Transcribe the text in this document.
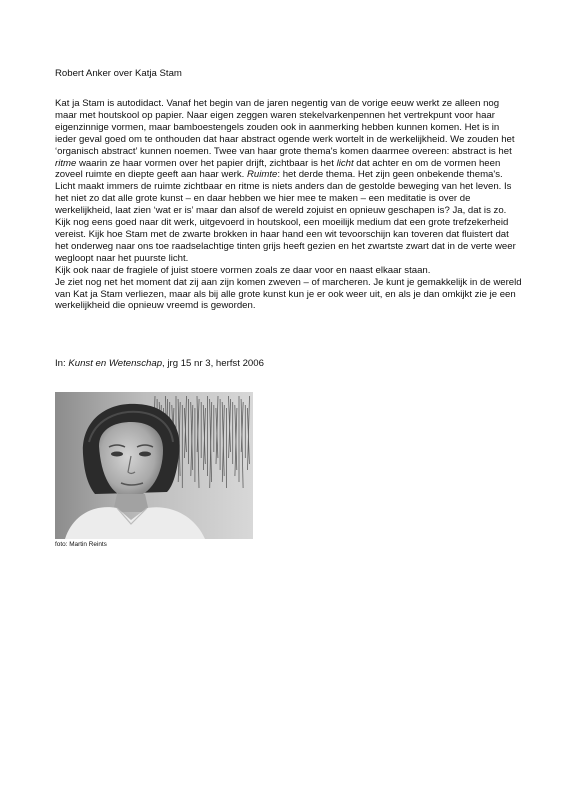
Robert Anker over Katja Stam

Kat ja Stam is autodidact. Vanaf het begin van de jaren negentig van de vorige eeuw werkt ze alleen nog maar met houtskool op papier. Naar eigen zeggen waren stekelvarkenpennen het vertrekpunt voor haar eigenzinnige vormen, maar bamboestengels zouden ook in aanmerking hebben kunnen komen. Het is in ieder geval goed om te onthouden dat haar abstract ogende werk wortelt in de werkelijkheid. We zouden het ‘organisch abstract’ kunnen noemen. Twee van haar grote thema's komen daarmee overeen: abstract is het ritme waarin ze haar vormen over het papier drijft, zichtbaar is het licht dat achter en om de vormen heen zoveel ruimte en diepte geeft aan haar werk. Ruimte: het derde thema. Het zijn geen onbekende thema's.

Licht maakt immers de ruimte zichtbaar en ritme is niets anders dan de gestolde beweging van het leven. Is het niet zo dat alle grote kunst – en daar hebben we hier mee te maken – een meditatie is over de werkelijkheid, laat zien ‘wat er is’ maar dan alsof de wereld zojuist en opnieuw geschapen is? Ja, dat is zo. Kijk nog eens goed naar dit werk, uitgevoerd in houtskool, een moeilijk medium dat een grote trefzekerheid vereist. Kijk hoe Stam met de zwarte brokken in haar hand een wit tevoorschijn kan toveren dat fluistert dat het onderweg naar ons toe raadselachtige tinten grijs heeft gezien en het zwartste zwart dat in de verte weer wegloopt naar het puurste licht.

Kijk ook naar de fragiele of juist stoere vormen zoals ze daar voor en naast elkaar staan.

Je ziet nog net het moment dat zij aan zijn komen zweven – of marcheren. Je kunt je gemakkelijk in de wereld van Kat ja Stam verliezen, maar als bij alle grote kunst kun je er ook weer uit, en als je dan omkijkt zie je een werkelijkheid die opnieuw vreemd is geworden.

In: Kunst en Wetenschap, jrg 15 nr 3, herfst 2006

foto: Martin Reints
